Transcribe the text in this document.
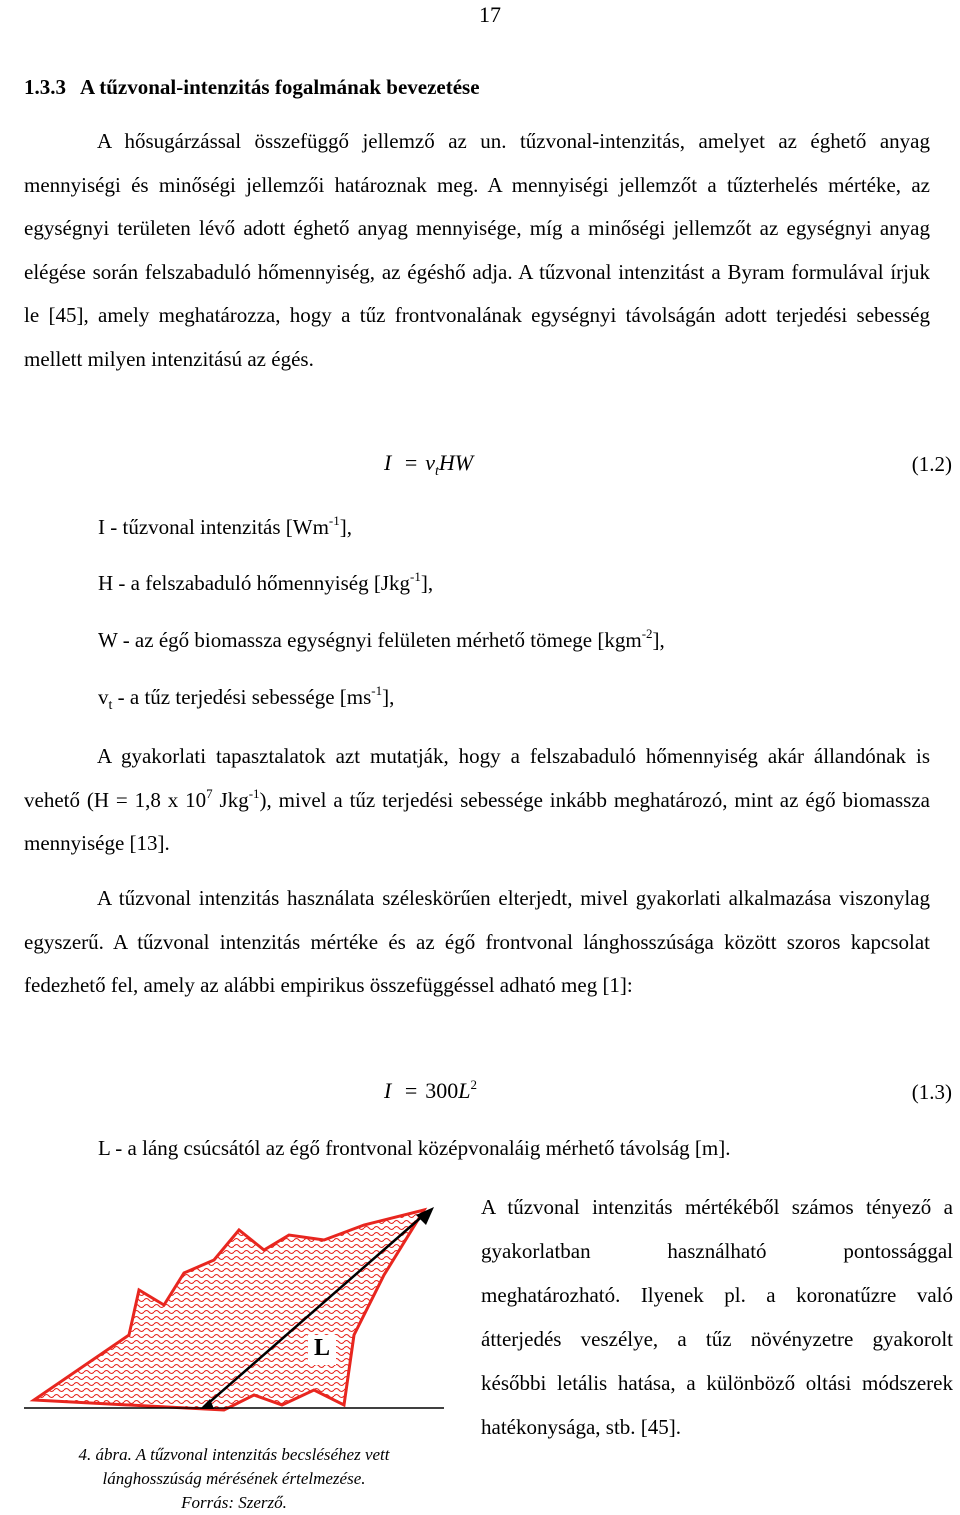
17
1.3.3 A tűzvonal-intenzitás fogalmának bevezetése
A hősugárzással összefüggő jellemző az un. tűzvonal-intenzitás, amelyet az éghető anyag mennyiségi és minőségi jellemzői határoznak meg. A mennyiségi jellemzőt a tűzterhelés mértéke, az egységnyi területen lévő adott éghető anyag mennyisége, míg a minőségi jellemzőt az egységnyi anyag elégése során felszabaduló hőmennyiség, az égéshő adja. A tűzvonal intenzitást a Byram formulával írjuk le [45], amely meghatározza, hogy a tűz frontvonalának egységnyi távolságán adott terjedési sebesség mellett milyen intenzitású az égés.
$I = v_tHW$	(1.2)
I - tűzvonal intenzitás $[Wm^{-1}]$,
H - a felszabaduló hőmennyiség [Jkg$^{-1}$],
W - az égő biomassza egységnyi felületen mérhető tömege [kgm$^{-2}$],
$v_t$ - a tűz terjedési sebessége $[ms^{-1}]$,
A gyakorlati tapasztalatok azt mutatják, hogy a felszabaduló hőmennyiség akár állandónak is vehető (H = 1,8 x $10^7$ Jkg$^{-1}$), mivel a tűz terjedési sebessége inkább meghatározó, mint az égő biomassza mennyisége [13].
A tűzvonal intenzitás használata széleskörűen elterjedt, mivel gyakorlati alkalmazása viszonylag egyszerű. A tűzvonal intenzitás mértéke és az égő frontvonal lánghosszúsága között szoros kapcsolat fedezhető fel, amely az alábbi empirikus összefüggéssel adható meg [1]:
$I = 300L^2$	(1.3)
L - a láng csúcsától az égő frontvonal középvonaláig mérhető távolság [m].
A tűzvonal intenzitás mértékéből számos tényező a gyakorlatban használható pontossággal meghatározható. Ilyenek pl. a koronatűzre való átterjedés veszélye, a tűz növényzetre gyakorolt későbbi letális hatása, a különböző oltási módszerek hatékonysága, stb. [45].
L
4. ábra. A tűzvonal intenzitás becsléséhez vett
lánghosszúság mérésének értelmezése.
Forrás: Szerző.
